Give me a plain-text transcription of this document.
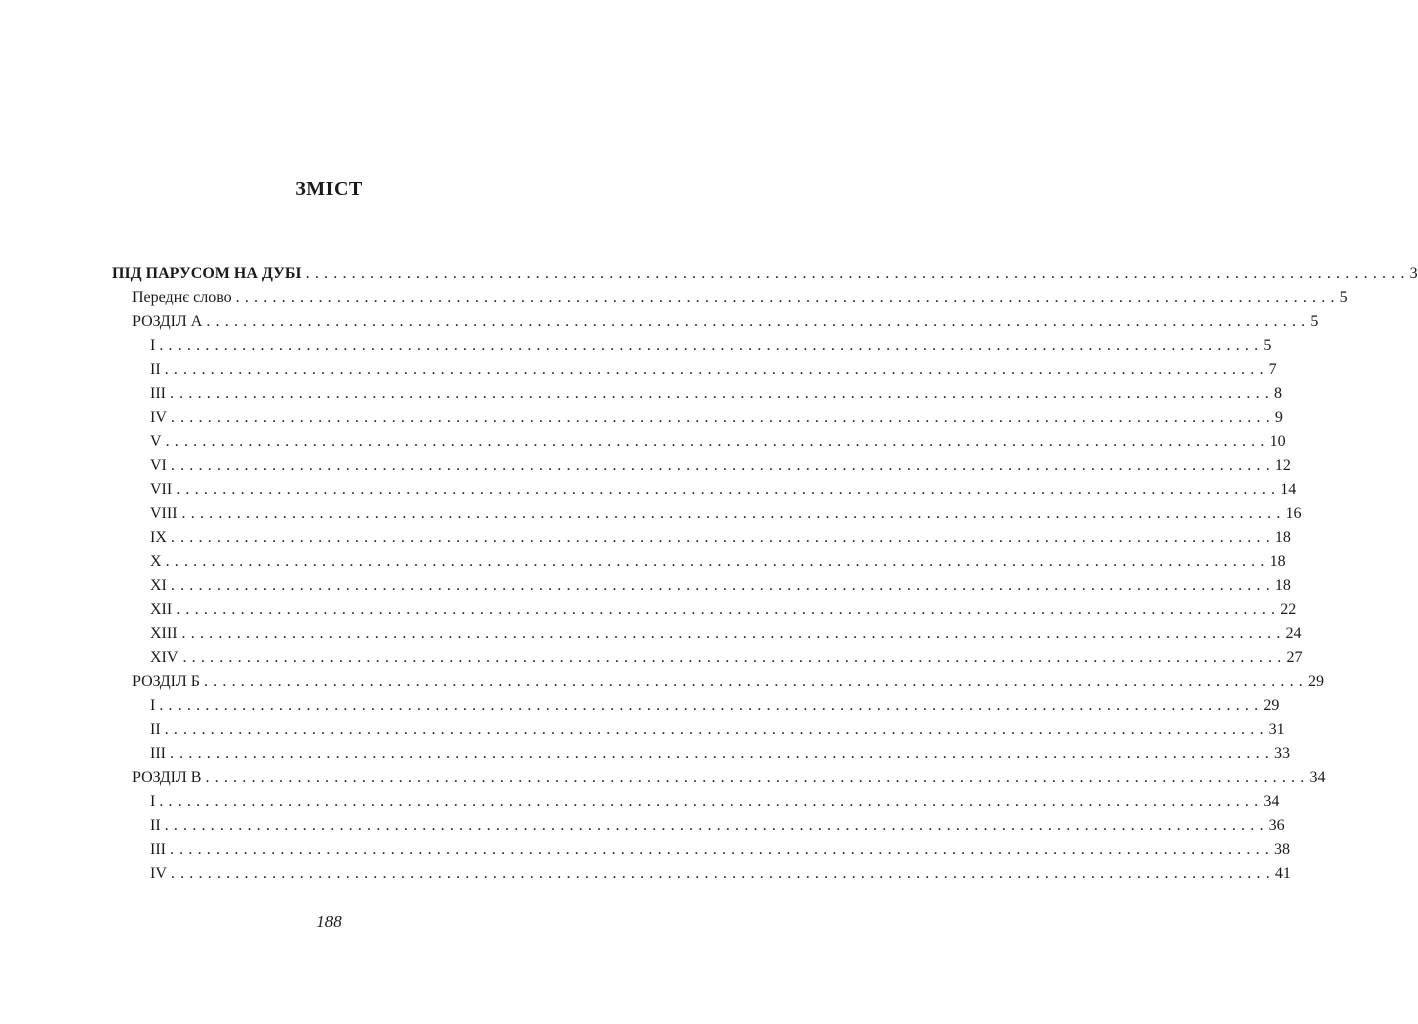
ЗМІСТ
ПІД ПАРУСОМ НА ДУБІ ........................................................................................................................ 3
Переднє слово ........................................................................................................................ 5
РОЗДІЛ А ........................................................................................................................ 5
I ........................................................................................................................ 5
II ........................................................................................................................ 7
III ........................................................................................................................ 8
IV ........................................................................................................................ 9
V ........................................................................................................................ 10
VI ........................................................................................................................ 12
VII ........................................................................................................................ 14
VIII ........................................................................................................................ 16
IX ........................................................................................................................ 18
X ........................................................................................................................ 18
XI ........................................................................................................................ 18
XII ........................................................................................................................ 22
XIII ........................................................................................................................ 24
XIV ........................................................................................................................ 27
РОЗДІЛ Б ........................................................................................................................ 29
I ........................................................................................................................ 29
II ........................................................................................................................ 31
III ........................................................................................................................ 33
РОЗДІЛ В ........................................................................................................................ 34
I ........................................................................................................................ 34
II ........................................................................................................................ 36
III ........................................................................................................................ 38
IV ........................................................................................................................ 41
188
